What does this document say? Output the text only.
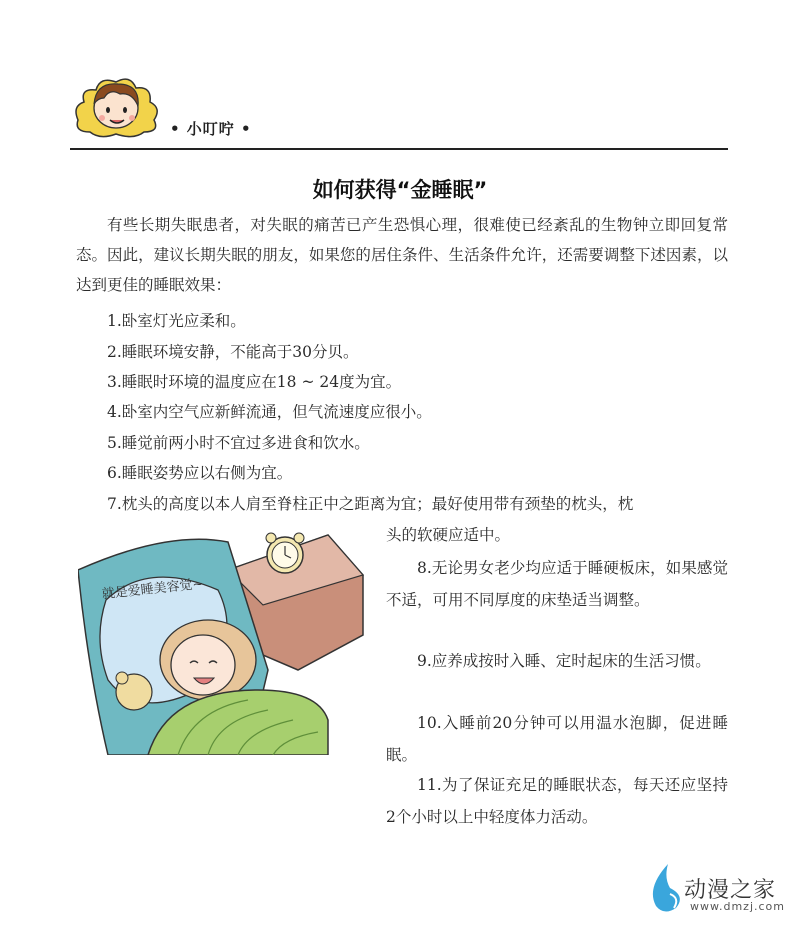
• 小叮咛 •
如何获得“金睡眠”
有些长期失眠患者，对失眠的痛苦已产生恐惧心理，很难使已经紊乱的生物钟立即回复常态。因此，建议长期失眠的朋友，如果您的居住条件、生活条件允许，还需要调整下述因素，以达到更佳的睡眠效果：
1.卧室灯光应柔和。
2.睡眠环境安静，不能高于30分贝。
3.睡眠时环境的温度应在18 ~ 24度为宜。
4.卧室内空气应新鲜流通，但气流速度应很小。
5.睡觉前两小时不宜过多进食和饮水。
6.睡眠姿势应以右侧为宜。
7.枕头的高度以本人肩至脊柱正中之距离为宜；最好使用带有颈垫的枕头，枕
头的软硬应适中。
8.无论男女老少均应适于睡硬板床，如果感觉不适，可用不同厚度的床垫适当调整。
9.应养成按时入睡、定时起床的生活习惯。
10.入睡前20分钟可以用温水泡脚，促进睡眠。
11.为了保证充足的睡眠状态，每天还应坚持2个小时以上中轻度体力活动。
就是爱睡美容觉~
动漫之家
www.dmzj.com
